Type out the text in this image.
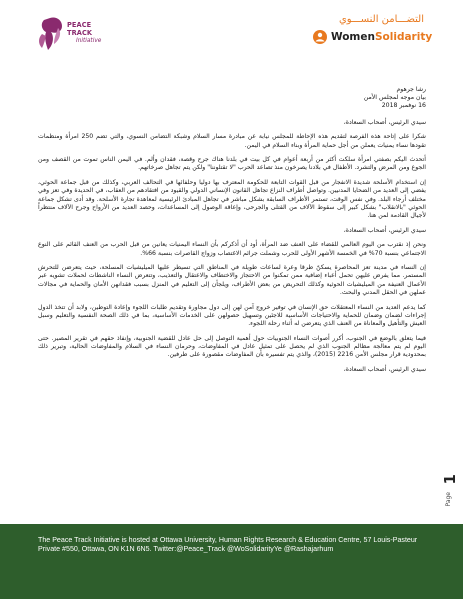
PEACE TRACK
Initiative
التضـــامن النســـوي
WomenSolidarity

رشا جرهوم

بيان موجه لمجلس الأمن

16 نوفمبر 2018

سيدي الرئيس، أصحاب السعادة،

شكرا على إتاحة هذه الفرصة لتقديم هذه الإحاطة للمجلس نيابة عن مبادرة مسار السلام وشبكة التضامن النسوي، والتي تضم 250 امرأة ومنظمات تقودها نساء يمنيات يعملن من أجل حماية المرأة وبناء السلام في اليمن.

أتحدث اليكم بصفتي امرأة سلكت أكثر من أربعة أعوام في كل بيت في بلدنا هناك جرح وقصة، فقدان وألم. في اليمن الناس تموت من القصف ومن الجوع ومن المرض والتشرد. الأطفال في بلادنا يصرخون منذ تصاعد الحرب "لا تقتلوننا" ولكن يتم تجاهل صرخاتهم.

إن استخدام الأسلحة شديدة الانفجار من قبل القوات التابعة للحكومة المعترف بها دوليا وحلفائها في التحالف العربي، وكذلك من قبل جماعة الحوثي، يفضي إلى العديد من الضحايا المدنيين. وتواصل أطراف النزاع تجاهل القانون الإنساني الدولي والقيود من افتقادهم من العقاب، في الحديدة وفي تعز وفي مختلف أرجاء البلد. وفي نفس الوقت، تستمر الأطراف السابقة بشكل مباشر في تجاهل المبادئ الرئيسية لمعاهدة تجارة الأسلحة. وقد أدى تشكل جماعة الحوثي "بالانقلاب" بشكل كبير إلى سقوط الآلاف من القتلى والجرحى، وإعاقة الوصول إلى المساعدات، وحصد العديد من الأرواح وجرح الآلاف منتظراً لأجيال القادمة لمن هنا.

سيدي الرئيس، أصحاب السعادة،

ونحن إذ نقترب من اليوم العالمي للقضاء على العنف ضد المرأة، أود أن أذكركم بأن النساء اليمنيات يعانين من قبل الحرب من العنف القائم على النوع الاجتماعي بنسبة 70% في الخمسة الأشهر الأولى للحرب وشملت جرائم الاغتصاب وزواج القاصرات بنسبة 66%.

إن النساء في مدينة تعز المحاصرة يسكنّ طرقا وعرة لساعات طويلة في المناطق التي تسيطر عليها الميليشيات المسلحة، حيث يتعرضن للتحرش المستمر. مما يفرض عليهن تحمل أعباء إضافية ممن تمكنوا من الاحتجاز والاختطاف والاعتقال والتعذيب، وتتعرض النساء الناشطات لحملات تشويه عبر الأعمال العنيفة من الميليشيات الحوثية وكذلك التحريض من بعض الأطراف، ويلجأن إلى التعليم في المنزل بسبب فقدانهن الأمان والحماية في مجالات عملهن في الحقل المدني والبحث.

كما يدعم العديد من النساء المعتقلات حق الإنسان في توفير خروج آمن لهن إلى دول مجاورة وتقديم طلبات اللجوء وإعادة التوطين، ولابد أن تتخذ الدول إجراءات لضمان وضمان للحماية والاحتياجات الأساسية للاجئين وتسهيل حصولهن على الخدمات الأساسية، بما في ذلك الصحة النفسية والتعليم وسبل العيش والتأهيل والمعاناة من العنف الذي يتعرضن له أثناء رحلة اللجوء.

فيما يتعلق بالوضع في الجنوب، أكرر أصوات النساء الجنوبيات حول أهمية التوصل إلى حل عادل للقضية الجنوبية، وإنفاذ حقهم في تقرير المصير. حتى اليوم لم يتم معالجة مظالم الجنوب الذي لم يحصل على تمثيل عادل في المفاوضات، وحرمان النساء في السلام والمفاوضات الحالية، وتبرير ذلك بمحدودية قرار مجلس الأمن 2216 (2015)، والذي يتم تفسيره بأن المفاوضات مقصورة على طرفين.

سيدي الرئيس، أصحاب السعادة،

1
Page
The Peace Track Initiative is hosted at Ottawa University, Human Rights Research & Education Centre, 57 Louis-Pasteur Private #550, Ottawa, ON K1N 6N5. Twitter:@Peace_Track @WoSolidarityYe @Rashajarhum
